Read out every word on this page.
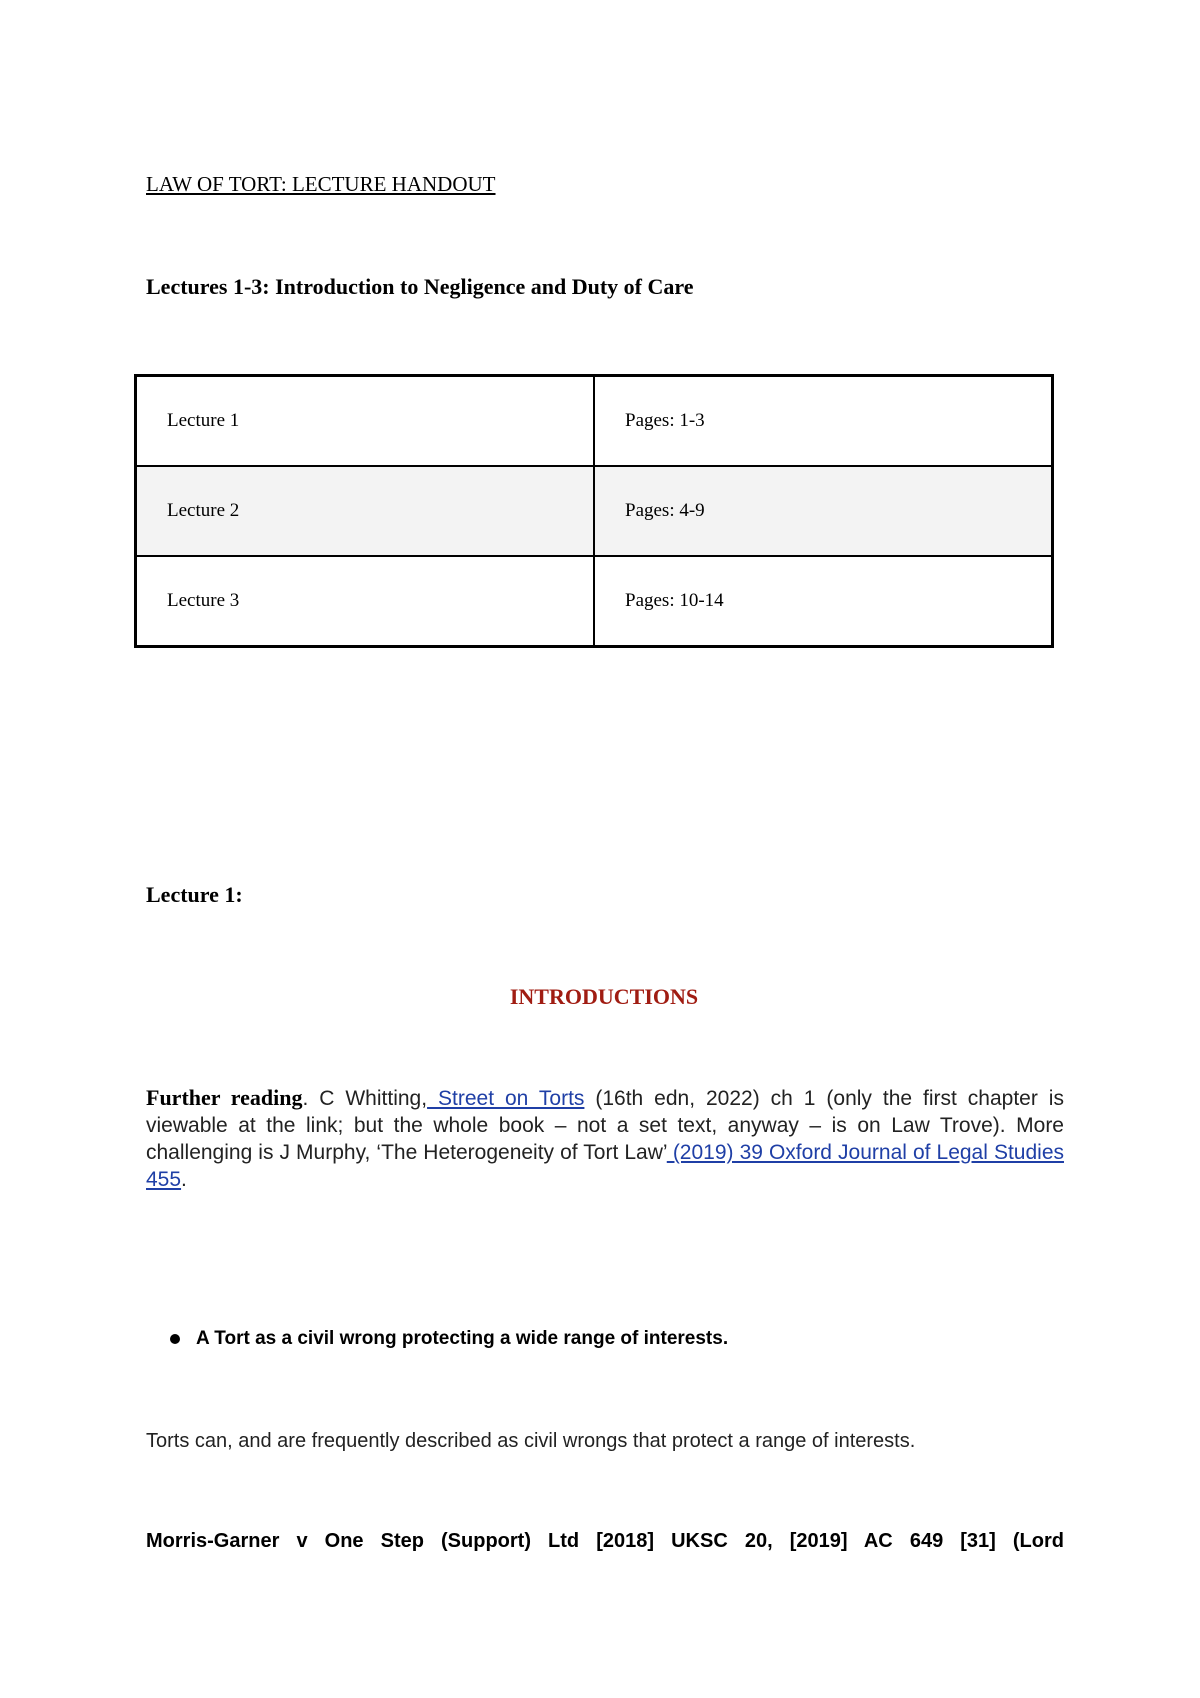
LAW OF TORT: LECTURE HANDOUT
Lectures 1-3: Introduction to Negligence and Duty of Care
Lecture 1	Pages: 1-3
Lecture 2	Pages: 4-9
Lecture 3	Pages: 10-14
Lecture 1:
INTRODUCTIONS

Further reading. C Whitting, Street on Torts (16th edn, 2022) ch 1 (only the first chapter is viewable at the link; but the whole book – not a set text, anyway – is on Law Trove). More challenging is J Murphy, ‘The Heterogeneity of Tort Law’ (2019) 39 Oxford Journal of Legal Studies 455.

A Tort as a civil wrong protecting a wide range of interests.

Torts can, and are frequently described as civil wrongs that protect a range of interests.

Morris-Garner v One Step (Support) Ltd [2018] UKSC 20, [2019] AC 649 [31] (Lord
